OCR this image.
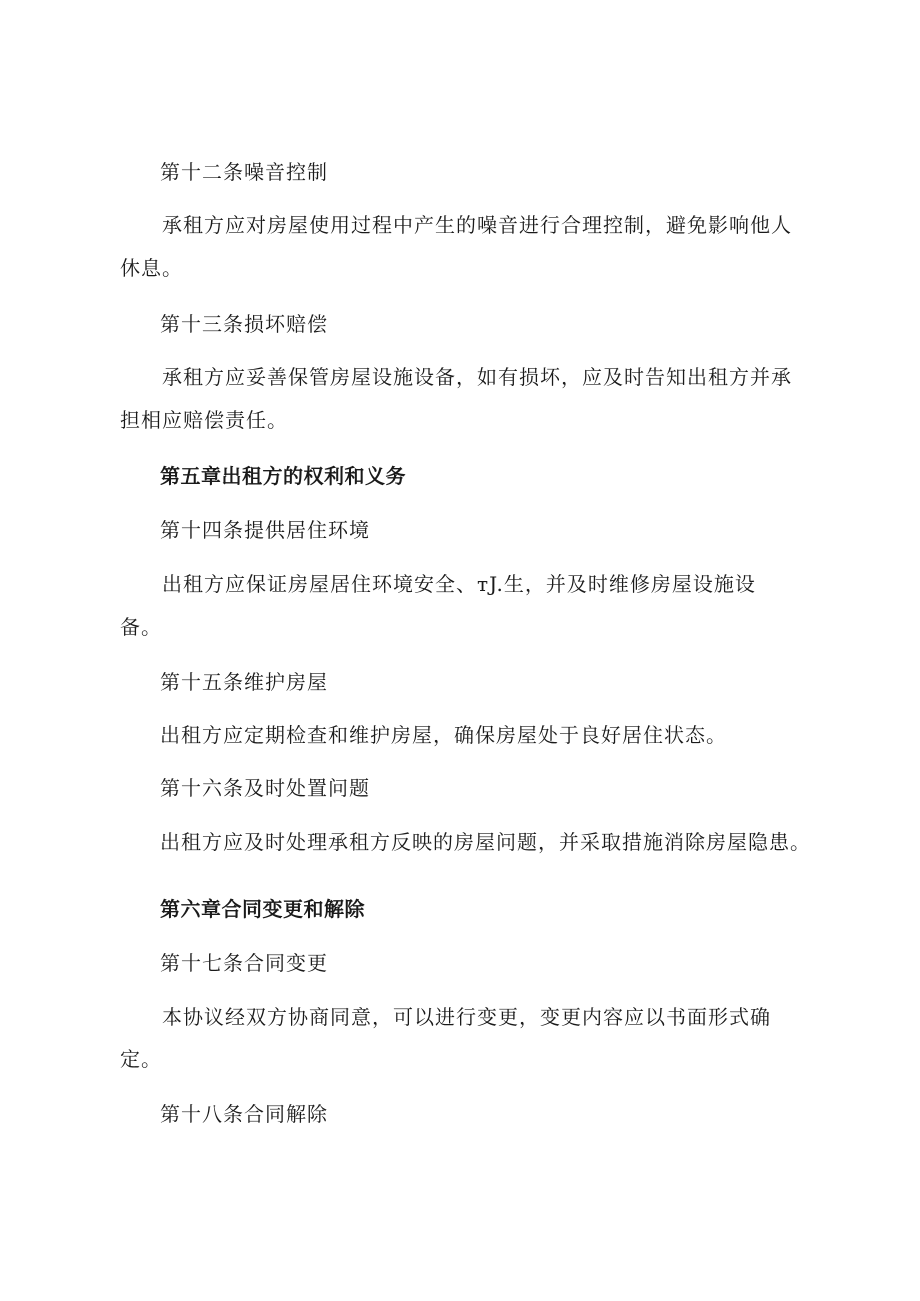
第十二条噪音控制
承租方应对房屋使用过程中产生的噪音进行合理控制，避免影响他人
休息。
第十三条损坏赔偿
承租方应妥善保管房屋设施设备，如有损坏，应及时告知出租方并承
担相应赔偿责任。
第五章出租方的权利和义务
第十四条提供居住环境
出租方应保证房屋居住环境安全、тJ.生，并及时维修房屋设施设
备。
第十五条维护房屋
出租方应定期检查和维护房屋，确保房屋处于良好居住状态。
第十六条及时处置问题
出租方应及时处理承租方反映的房屋问题，并采取措施消除房屋隐患。
第六章合同变更和解除
第十七条合同变更
本协议经双方协商同意，可以进行变更，变更内容应以书面形式确
定。
第十八条合同解除
